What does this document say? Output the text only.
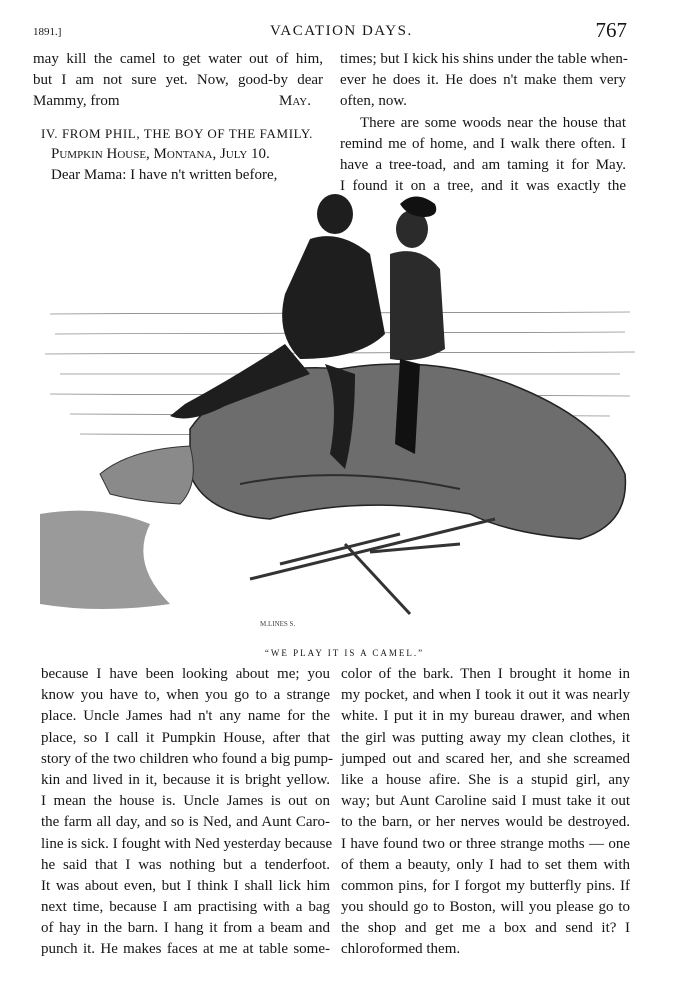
1891.]	VACATION DAYS.	767
may kill the camel to get water out of him,
but I am not sure yet. Now, good-by dear
Mammy, from	May.
IV. FROM PHIL, THE BOY OF THE FAMILY.
Pumpkin House, Montana, July 10.
Dear Mama: I have n't written before,
times; but I kick his shins under the table when-
ever he does it. He does n't make them very
often, now.
There are some woods near the house that
remind me of home, and I walk there often. I
have a tree-toad, and am taming it for May.
I found it on a tree, and it was exactly the
M.LINES S.
“WE PLAY IT IS A CAMEL.”
because I have been looking about me; you
know you have to, when you go to a strange
place. Uncle James had n't any name for the
place, so I call it Pumpkin House, after that
story of the two children who found a big pump-
kin and lived in it, because it is bright yellow.
I mean the house is. Uncle James is out on
the farm all day, and so is Ned, and Aunt Caro-
line is sick. I fought with Ned yesterday because
he said that I was nothing but a tenderfoot.
It was about even, but I think I shall lick him
next time, because I am practising with a bag
of hay in the barn. I hang it from a beam and
punch it. He makes faces at me at table some-
color of the bark. Then I brought it home in
my pocket, and when I took it out it was nearly
white. I put it in my bureau drawer, and when
the girl was putting away my clean clothes, it
jumped out and scared her, and she screamed
like a house afire. She is a stupid girl, any
way; but Aunt Caroline said I must take it out
to the barn, or her nerves would be destroyed.
I have found two or three strange moths — one
of them a beauty, only I had to set them with
common pins, for I forgot my butterfly pins. If
you should go to Boston, will you please go to
the shop and get me a box and send it? I
chloroformed them.
